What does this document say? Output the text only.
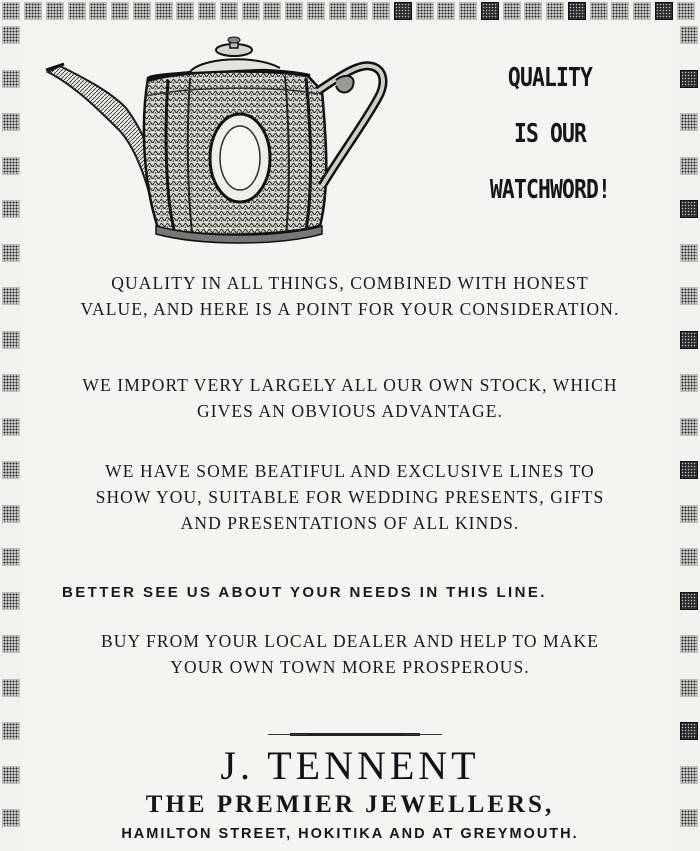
QUALITY
IS OUR
WATCHWORD!
QUALITY IN ALL THINGS, COMBINED WITH HONEST
VALUE, AND HERE IS A POINT FOR YOUR CONSIDERATION.
WE IMPORT VERY LARGELY ALL OUR OWN STOCK, WHICH
GIVES AN OBVIOUS ADVANTAGE.
WE HAVE SOME BEATIFUL AND EXCLUSIVE LINES TO
SHOW YOU, SUITABLE FOR WEDDING PRESENTS, GIFTS
AND PRESENTATIONS OF ALL KINDS.
BETTER SEE US ABOUT YOUR NEEDS IN THIS LINE.
BUY FROM YOUR LOCAL DEALER AND HELP TO MAKE
YOUR OWN TOWN MORE PROSPEROUS.
J. TENNENT
THE PREMIER JEWELLERS,
HAMILTON STREET, HOKITIKA AND AT GREYMOUTH.
